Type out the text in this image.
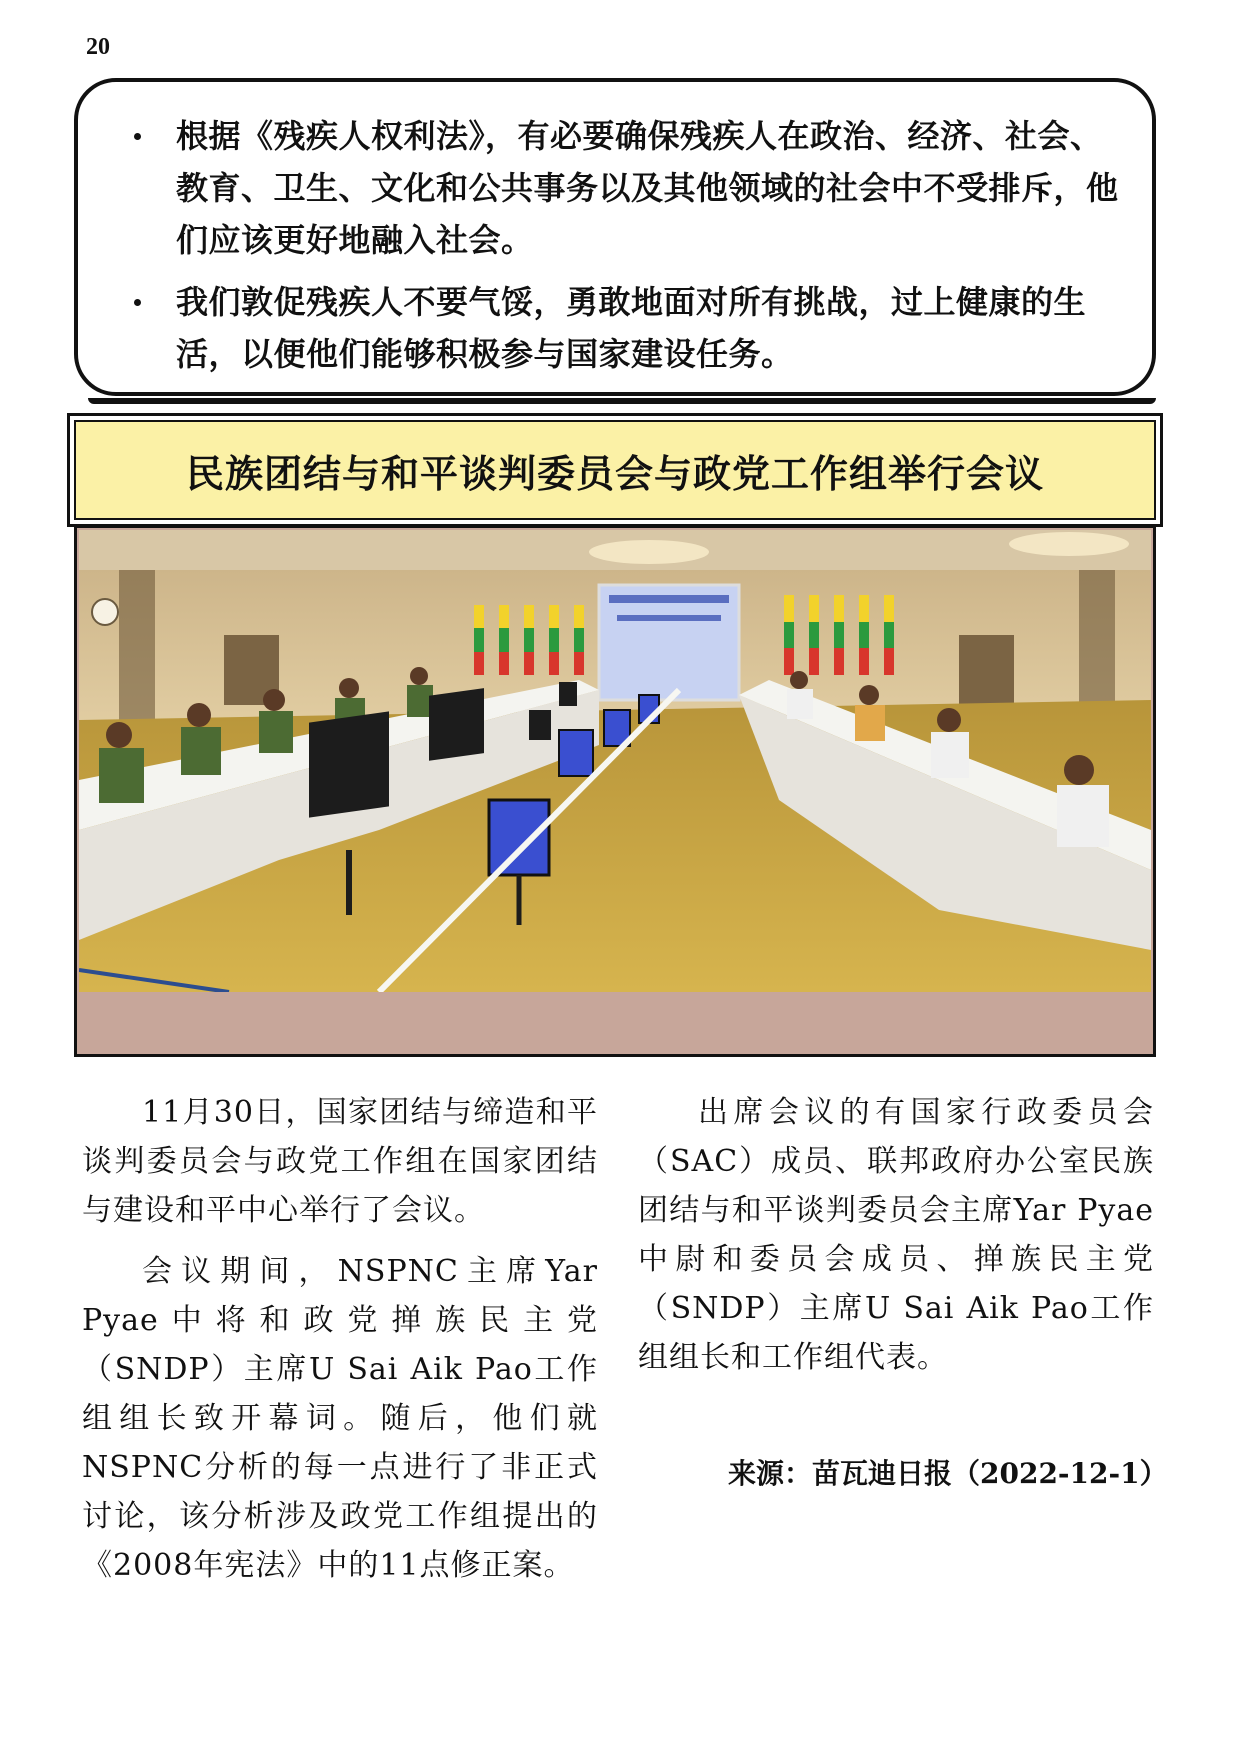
20
根据《残疾人权利法》，有必要确保残疾人在政治、经济、社会、教育、卫生、文化和公共事务以及其他领域的社会中不受排斥，他们应该更好地融入社会。
我们敦促残疾人不要气馁，勇敢地面对所有挑战，过上健康的生活，以便他们能够积极参与国家建设任务。
民族团结与和平谈判委员会与政党工作组举行会议

11月30日，国家团结与缔造和平谈判委员会与政党工作组在国家团结与建设和平中心举行了会议。

会议期间，NSPNC主席Yar Pyae中将和政党掸族民主党（SNDP）主席U Sai Aik Pao工作组组长致开幕词。随后，他们就NSPNC分析的每一点进行了非正式讨论，该分析涉及政党工作组提出的《2008年宪法》中的11点修正案。

出席会议的有国家行政委员会（SAC）成员、联邦政府办公室民族团结与和平谈判委员会主席Yar Pyae中尉和委员会成员、掸族民主党（SNDP）主席U Sai Aik Pao工作组组长和工作组代表。

来源：苗瓦迪日报（2022-12-1）
